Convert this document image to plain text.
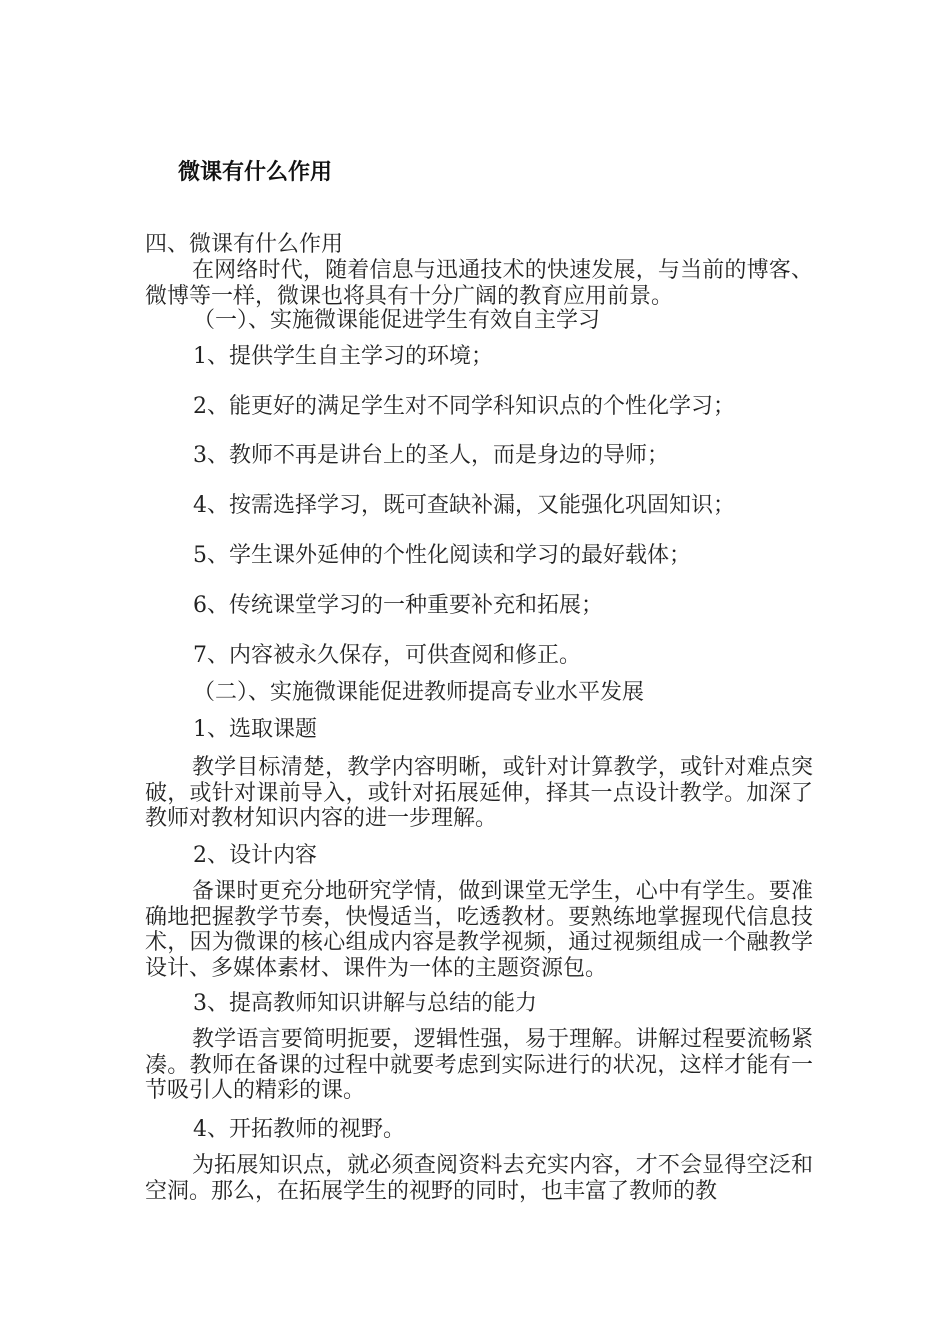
微课有什么作用
四、微课有什么作用
在网络时代，随着信息与迅通技术的快速发展，与当前的博客、微博等一样，微课也将具有十分广阔的教育应用前景。
（一）、实施微课能促进学生有效自主学习
1、提供学生自主学习的环境；
2、能更好的满足学生对不同学科知识点的个性化学习；
3、教师不再是讲台上的圣人，而是身边的导师；
4、按需选择学习，既可查缺补漏，又能强化巩固知识；
5、学生课外延伸的个性化阅读和学习的最好载体；
6、传统课堂学习的一种重要补充和拓展；
7、内容被永久保存，可供查阅和修正。
（二）、实施微课能促进教师提高专业水平发展
1、选取课题
教学目标清楚，教学内容明晰，或针对计算教学，或针对难点突破，或针对课前导入，或针对拓展延伸，择其一点设计教学。加深了教师对教材知识内容的进一步理解。
2、设计内容
备课时更充分地研究学情，做到课堂无学生，心中有学生。要准确地把握教学节奏，快慢适当，吃透教材。要熟练地掌握现代信息技术，因为微课的核心组成内容是教学视频，通过视频组成一个融教学设计、多媒体素材、课件为一体的主题资源包。
3、提高教师知识讲解与总结的能力
教学语言要简明扼要，逻辑性强，易于理解。讲解过程要流畅紧凑。教师在备课的过程中就要考虑到实际进行的状况，这样才能有一节吸引人的精彩的课。
4、开拓教师的视野。
为拓展知识点，就必须查阅资料去充实内容，才不会显得空泛和空洞。那么，在拓展学生的视野的同时，也丰富了教师的教
